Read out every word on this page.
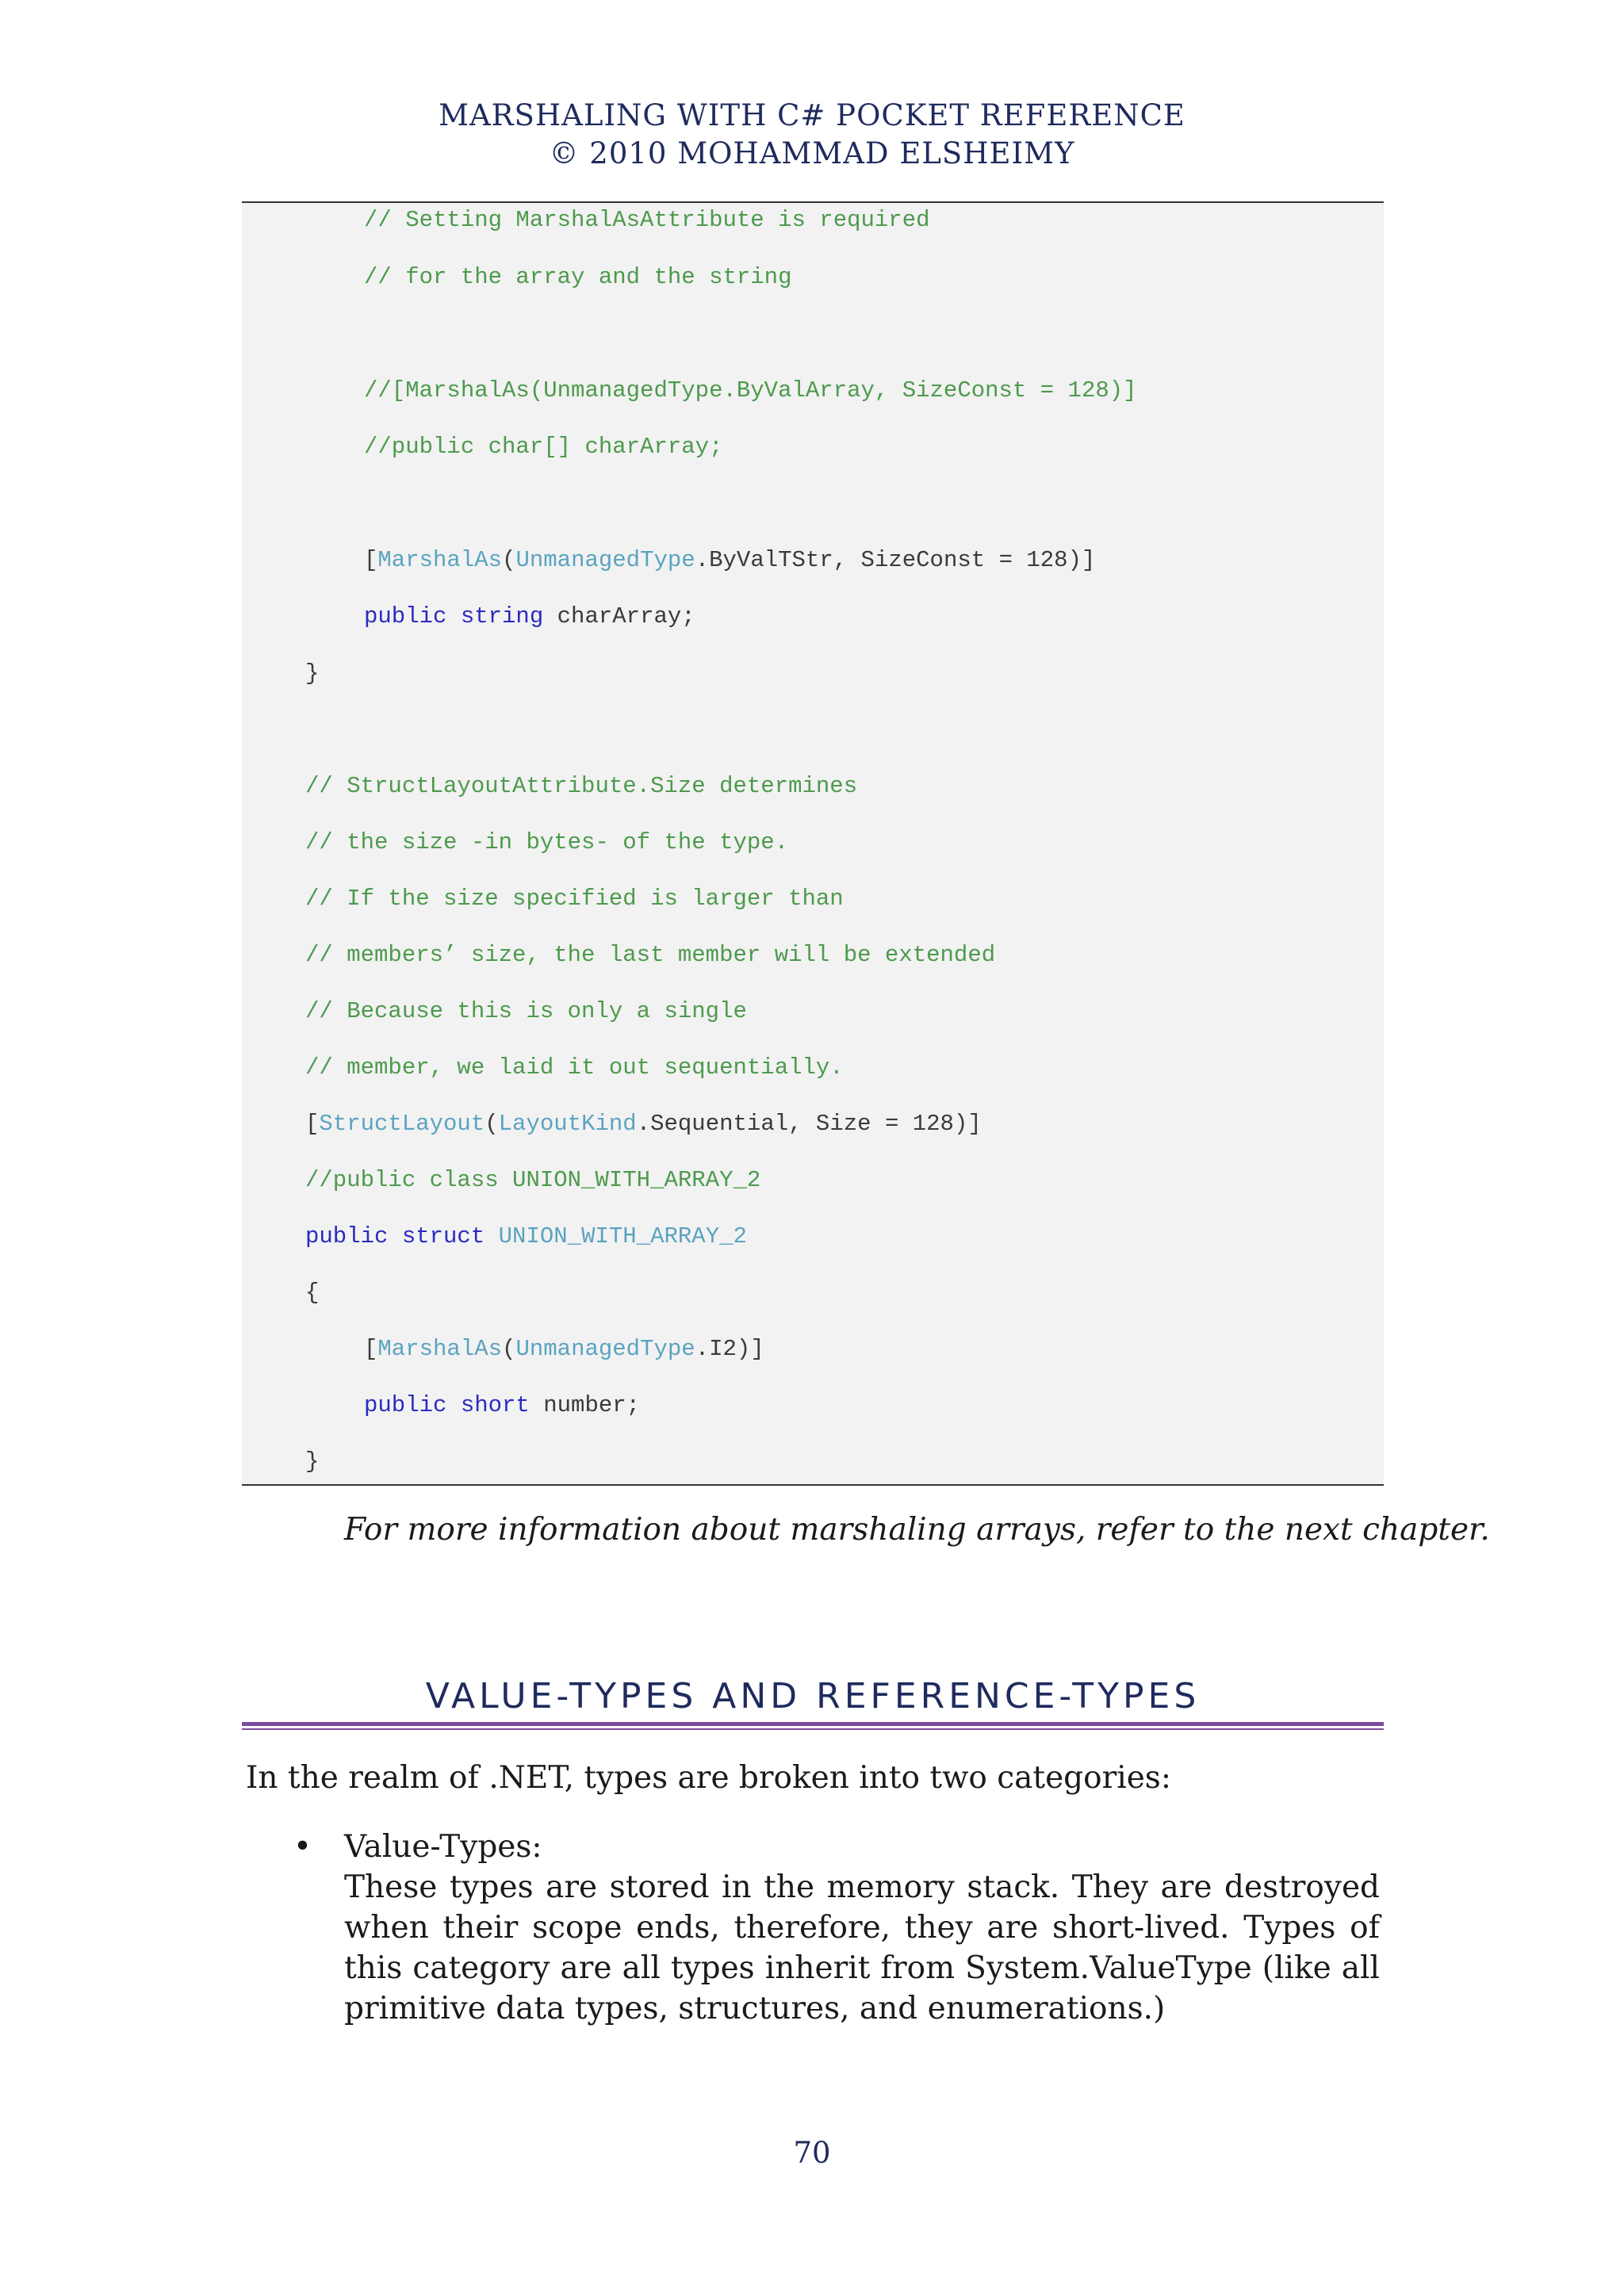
MARSHALING WITH C# POCKET REFERENCE
© 2010 MOHAMMAD ELSHEIMY
// Setting MarshalAsAttribute is required
// for the array and the string
//[MarshalAs(UnmanagedType.ByValArray, SizeConst = 128)]
//public char[] charArray;
[MarshalAs(UnmanagedType.ByValTStr, SizeConst = 128)]
public string charArray;
}
// StructLayoutAttribute.Size determines
// the size -in bytes- of the type.
// If the size specified is larger than
// members’ size, the last member will be extended
// Because this is only a single
// member, we laid it out sequentially.
[StructLayout(LayoutKind.Sequential, Size = 128)]
//public class UNION_WITH_ARRAY_2
public struct UNION_WITH_ARRAY_2
{
[MarshalAs(UnmanagedType.I2)]
public short number;
}
For more information about marshaling arrays, refer to the next chapter.
VALUE-TYPES AND REFERENCE-TYPES
In the realm of .NET, types are broken into two categories:
• Value-Types:
These types are stored in the memory stack. They are destroyed when their scope ends, therefore, they are short-lived. Types of this category are all types inherit from System.ValueType (like all primitive data types, structures, and enumerations.)
70
